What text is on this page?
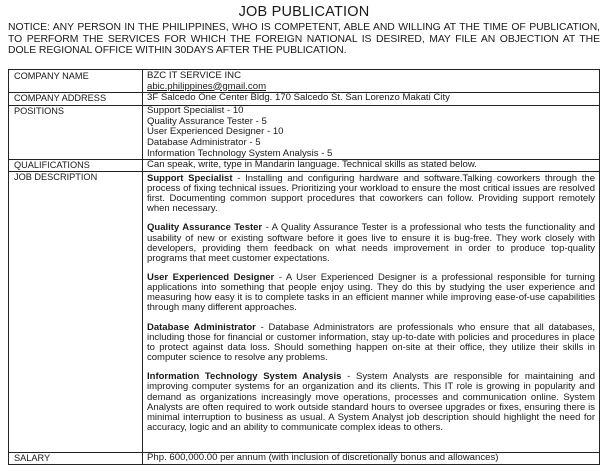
JOB PUBLICATION
NOTICE: ANY PERSON IN THE PHILIPPINES, WHO IS COMPETENT, ABLE AND WILLING AT THE TIME OF PUBLICATION, TO PERFORM THE SERVICES FOR WHICH THE FOREIGN NATIONAL IS DESIRED, MAY FILE AN OBJECTION AT THE DOLE REGIONAL OFFICE WITHIN 30DAYS AFTER THE PUBLICATION.
COMPANY NAME	BZC IT SERVICE INC
abic.philippines@gmail.com

COMPANY ADDRESS	3F Salcedo One Center Bldg. 170 Salcedo St. San Lorenzo Makati City
POSITIONS	Support Specialist - 10
Quality Assurance Tester - 5
User Experienced Designer - 10
Database Administrator - 5
Information Technology System Analysis - 5

QUALIFICATIONS	Can speak, write, type in Mandarin language. Technical skills as stated below.
JOB DESCRIPTION	Support Specialist - Installing and configuring hardware and software.Talking coworkers through the process of fixing technical issues. Prioritizing your workload to ensure the most critical issues are resolved first. Documenting common support procedures that coworkers can follow. Providing support remotely when necessary.
Quality Assurance Tester - A Quality Assurance Tester is a professional who tests the functionality and usability of new or existing software before it goes live to ensure it is bug-free. They work closely with developers, providing them feedback on what needs improvement in order to produce top-quality programs that meet customer expectations.
User Experienced Designer - A User Experienced Designer is a professional responsible for turning applications into something that people enjoy using. They do this by studying the user experience and measuring how easy it is to complete tasks in an efficient manner while improving ease-of-use capabilities through many different approaches.
Database Administrator - Database Administrators are professionals who ensure that all databases, including those for financial or customer information, stay up-to-date with policies and procedures in place to protect against data loss. Should something happen on-site at their office, they utilize their skills in computer science to resolve any problems.
Information Technology System Analysis - System Analysts are responsible for maintaining and improving computer systems for an organization and its clients. This IT role is growing in popularity and demand as organizations increasingly move operations, processes and communication online. System Analysts are often required to work outside standard hours to oversee upgrades or fixes, ensuring there is minimal interruption to business as usual. A System Analyst job description should highlight the need for accuracy, logic and an ability to communicate complex ideas to others.

SALARY	Php. 600,000.00 per annum (with inclusion of discretionally bonus and allowances)
